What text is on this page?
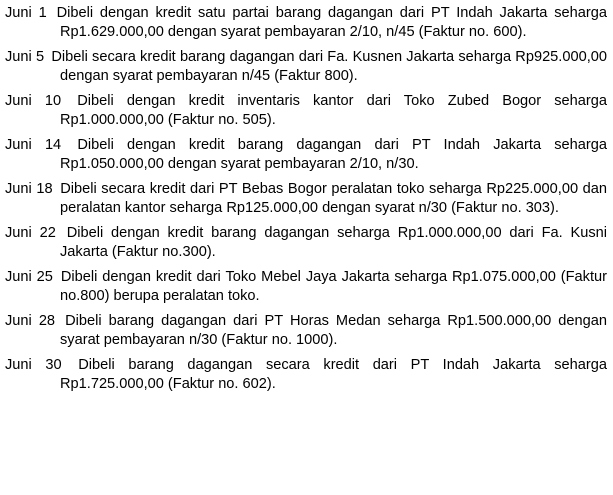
Juni 1 Dibeli dengan kredit satu partai barang dagangan dari PT Indah Jakarta seharga Rp1.629.000,00 dengan syarat pembayaran 2/10, n/45 (Faktur no. 600).

Juni 5 Dibeli secara kredit barang dagangan dari Fa. Kusnen Jakarta seharga Rp925.000,00 dengan syarat pembayaran n/45 (Faktur 800).

Juni 10 Dibeli dengan kredit inventaris kantor dari Toko Zubed Bogor seharga Rp1.000.000,00 (Faktur no. 505).

Juni 14 Dibeli dengan kredit barang dagangan dari PT Indah Jakarta seharga Rp1.050.000,00 dengan syarat pembayaran 2/10, n/30.

Juni 18 Dibeli secara kredit dari PT Bebas Bogor peralatan toko seharga Rp225.000,00 dan peralatan kantor seharga Rp125.000,00 dengan syarat n/30 (Faktur no. 303).

Juni 22 Dibeli dengan kredit barang dagangan seharga Rp1.000.000,00 dari Fa. Kusni Jakarta (Faktur no.300).

Juni 25 Dibeli dengan kredit dari Toko Mebel Jaya Jakarta seharga Rp1.075.000,00 (Faktur no.800) berupa peralatan toko.

Juni 28 Dibeli barang dagangan dari PT Horas Medan seharga Rp1.500.000,00 dengan syarat pembayaran n/30 (Faktur no. 1000).

Juni 30 Dibeli barang dagangan secara kredit dari PT Indah Jakarta seharga Rp1.725.000,00 (Faktur no. 602).
